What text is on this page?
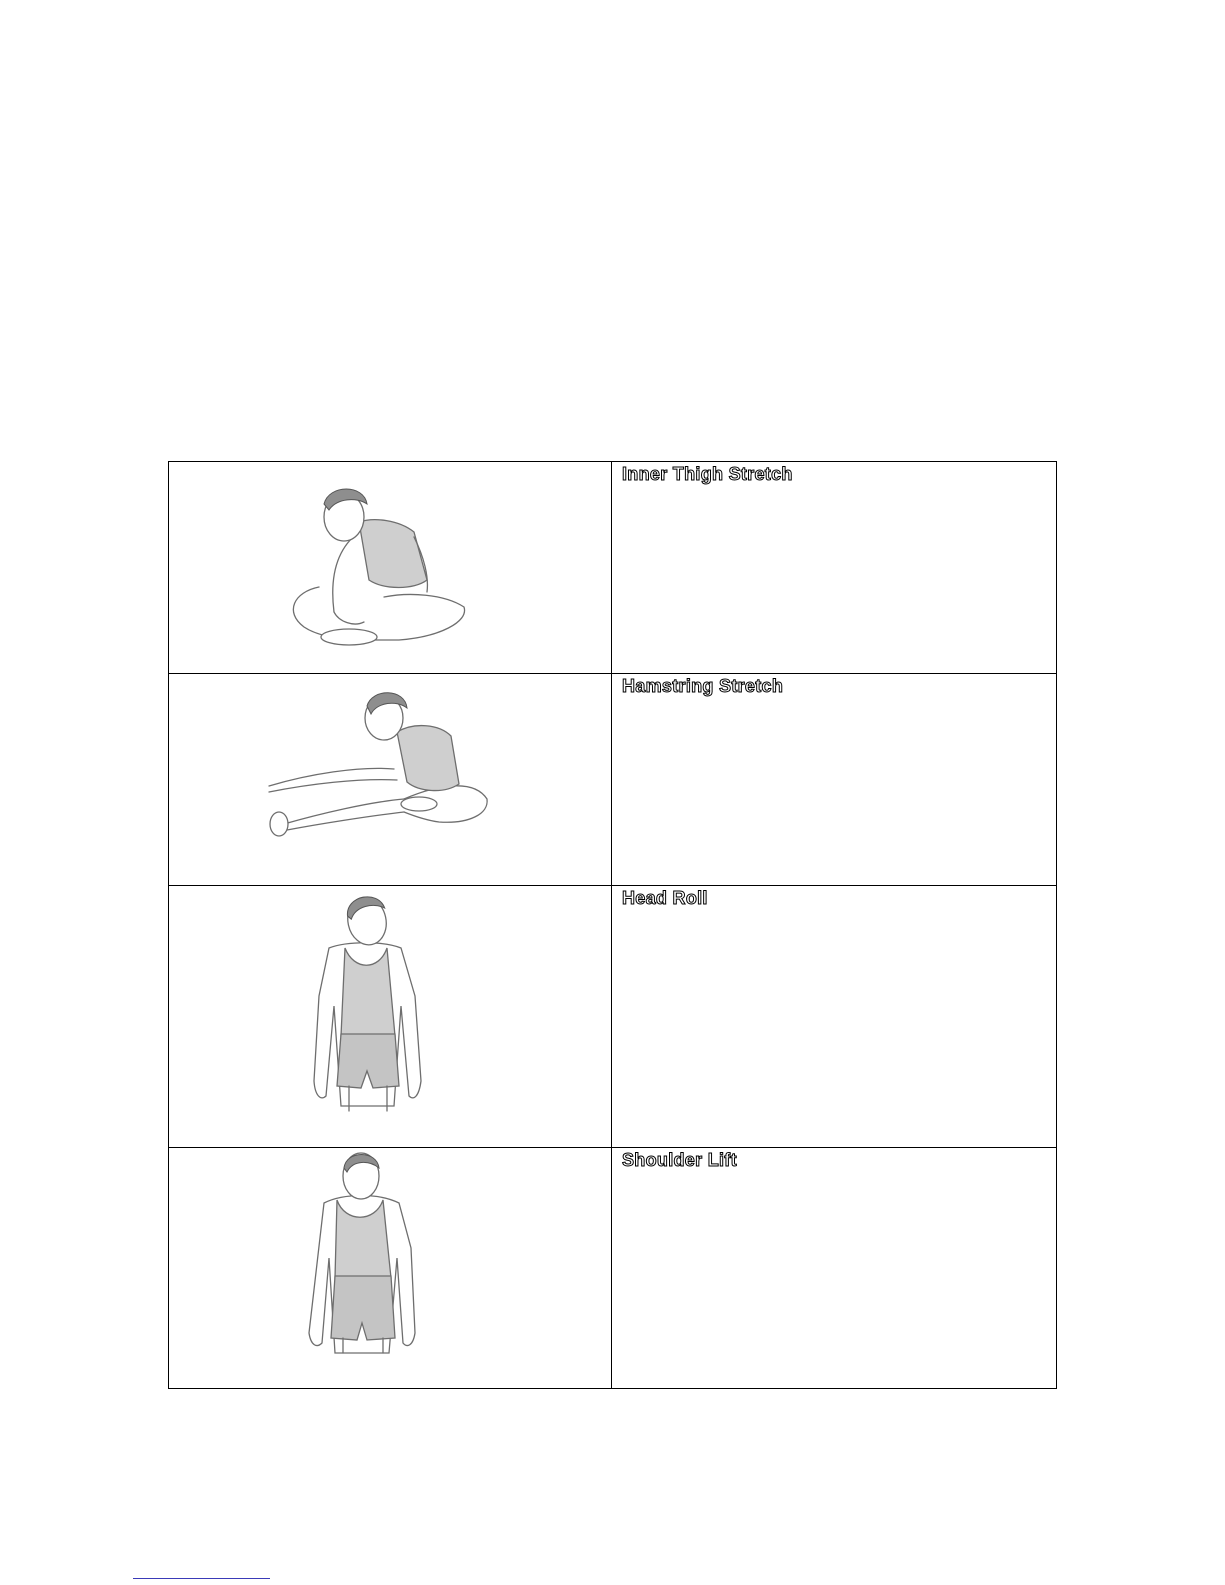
Inner Thigh Stretch

Hamstring Stretch

Head Roll

Shoulder Lift
